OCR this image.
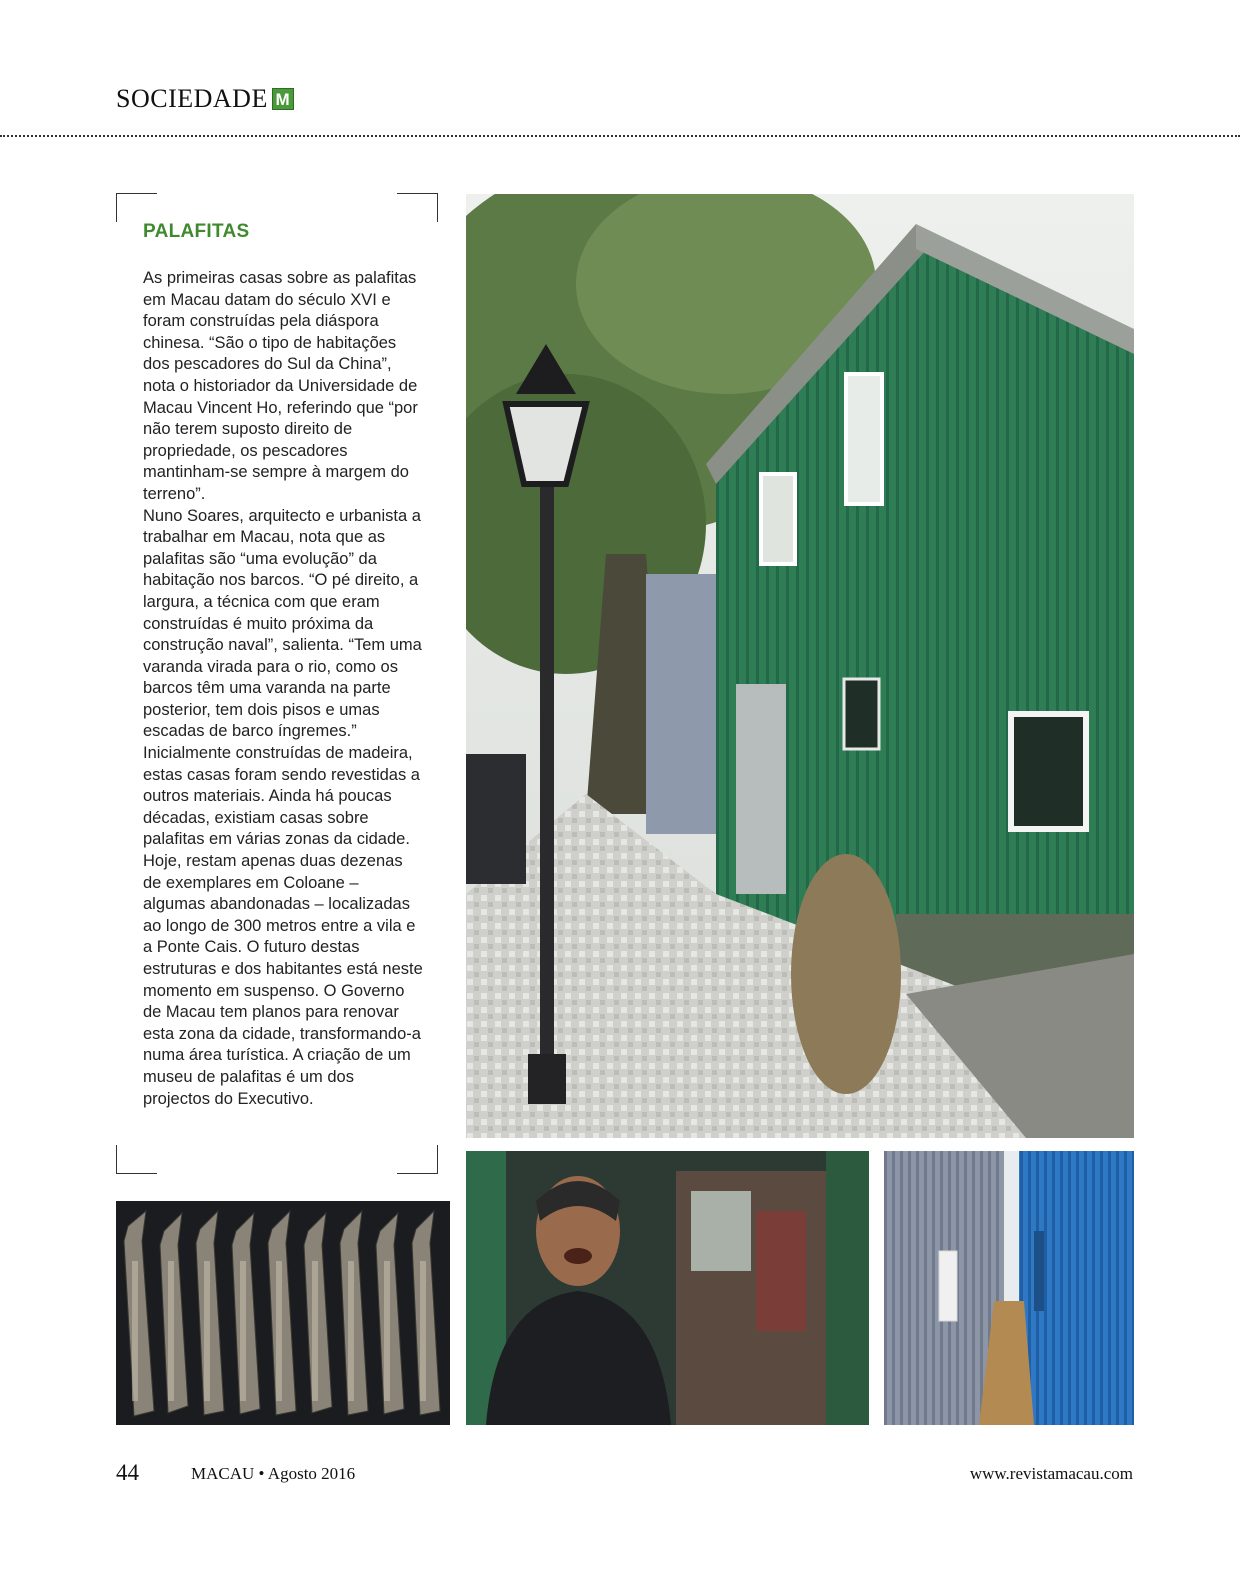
SOCIEDADE M
PALAFITAS

As primeiras casas sobre as palafitas em Macau datam do século XVI e foram construídas pela diáspora chinesa. “São o tipo de habitações dos pescadores do Sul da China”, nota o historiador da Universidade de Macau Vincent Ho, referindo que “por não terem suposto direito de propriedade, os pescadores mantinham-se sempre à margem do terreno”.

Nuno Soares, arquitecto e urbanista a trabalhar em Macau, nota que as palafitas são “uma evolução” da habitação nos barcos. “O pé direito, a largura, a técnica com que eram construídas é muito próxima da construção naval”, salienta. “Tem uma varanda virada para o rio, como os barcos têm uma varanda na parte posterior, tem dois pisos e umas escadas de barco íngremes.”

Inicialmente construídas de madeira, estas casas foram sendo revestidas a outros materiais. Ainda há poucas décadas, existiam casas sobre palafitas em várias zonas da cidade. Hoje, restam apenas duas dezenas de exemplares em Coloane – algumas abandonadas – localizadas ao longo de 300 metros entre a vila e a Ponte Cais. O futuro destas estruturas e dos habitantes está neste momento em suspenso. O Governo de Macau tem planos para renovar esta zona da cidade, transformando-a numa área turística. A criação de um museu de palafitas é um dos projectos do Executivo.

44	MACAU • Agosto 2016	www.revistamacau.com
